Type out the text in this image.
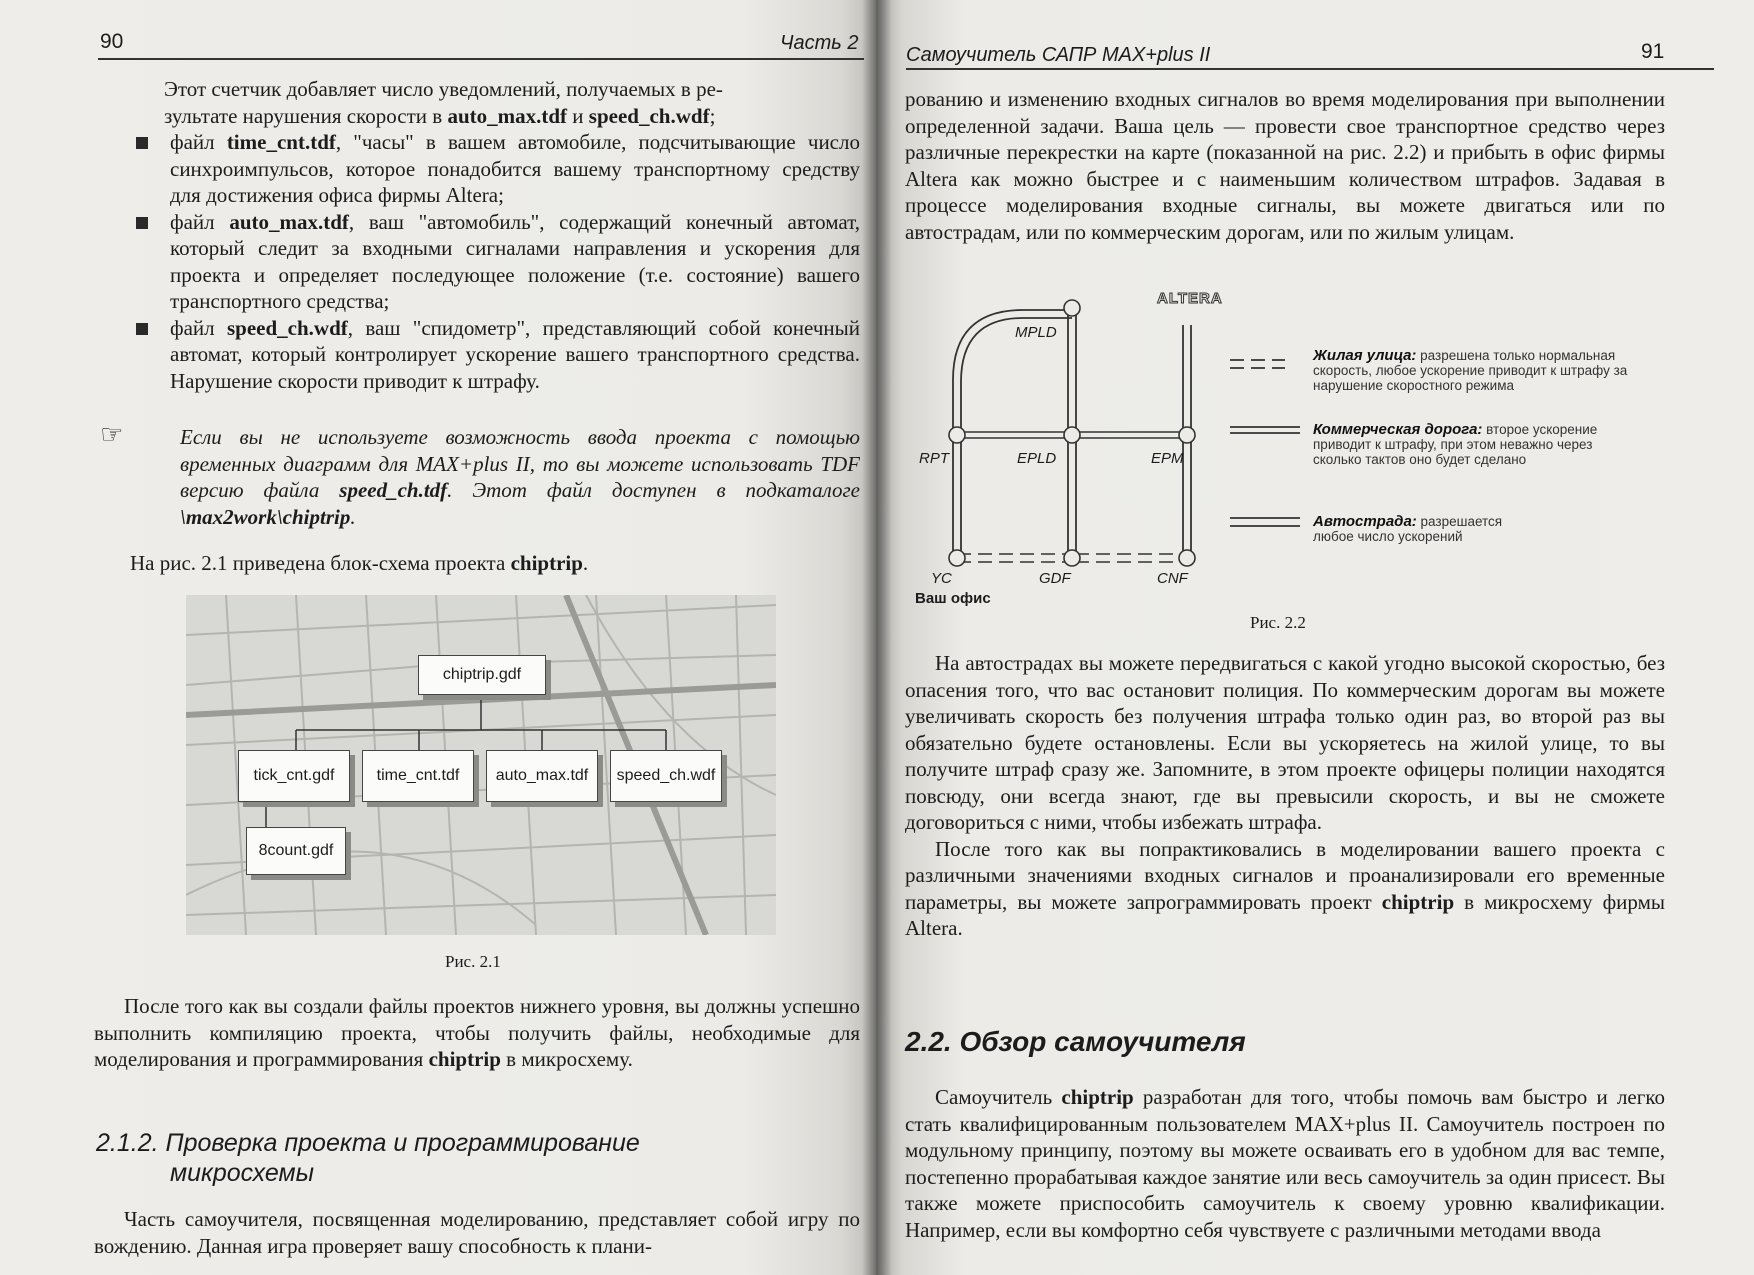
90	Часть 2

Этот счетчик добавляет число уведомлений, получаемых в ре-
зультате нарушения скорости в auto_max.tdf и speed_ch.wdf;

файл time_cnt.tdf, "часы" в вашем автомобиле, подсчитывающие число синхроимпульсов, которое понадобится вашему транспортному средству для достижения офиса фирмы Altera;

файл auto_max.tdf, ваш "автомобиль", содержащий конечный автомат, который следит за входными сигналами направления и ускорения для проекта и определяет последующее положение (т.е. состояние) вашего транспортного средства;

файл speed_ch.wdf, ваш "спидометр", представляющий собой конечный автомат, который контролирует ускорение вашего транспортного средства. Нарушение скорости приводит к штрафу.

☞	Если вы не используете возможность ввода проекта с помощью временных диаграмм для MAX+plus II, то вы можете использовать TDF версию файла speed_ch.tdf. Этот файл доступен в подкаталоге \max2work\chiptrip.

На рис. 2.1 приведена блок-схема проекта chiptrip.

chiptrip.gdf
tick_cnt.gdf	time_cnt.tdf	auto_max.tdf	speed_ch.wdf
8count.gdf
Рис. 2.1

После того как вы создали файлы проектов нижнего уровня, вы должны успешно выполнить компиляцию проекта, чтобы получить файлы, необходимые для моделирования и программирования chiptrip в микросхему.

2.1.2. Проверка проекта и программирование
микросхемы

Часть самоучителя, посвященная моделированию, представляет собой игру по вождению. Данная игра проверяет вашу способность к плани-

Самоучитель САПР MAX+plus II	91

рованию и изменению входных сигналов во время моделирования при выполнении определенной задачи. Ваша цель — провести свое транспортное средство через различные перекрестки на карте (показанной на рис. 2.2) и прибыть в офис фирмы Altera как можно быстрее и с наименьшим количеством штрафов. Задавая в процессе моделирования входные сигналы, вы можете двигаться или по автострадам, или по коммерческим дорогам, или по жилым улицам.

ALTERA
MPLD
RPT	EPLD	EPM
YC	GDF	CNF
Ваш офис
Жилая улица: разрешена только нормальная скорость, любое ускорение приводит к штрафу за нарушение скоростного режима
Коммерческая дорога: второе ускорение приводит к штрафу, при этом неважно через сколько тактов оно будет сделано
Автострада: разрешается любое число ускорений
Рис. 2.2

На автострадах вы можете передвигаться с какой угодно высокой скоростью, без опасения того, что вас остановит полиция. По коммерческим дорогам вы можете увеличивать скорость без получения штрафа только один раз, во второй раз вы обязательно будете остановлены. Если вы ускоряетесь на жилой улице, то вы получите штраф сразу же. Запомните, в этом проекте офицеры полиции находятся повсюду, они всегда знают, где вы превысили скорость, и вы не сможете договориться с ними, чтобы избежать штрафа.

После того как вы попрактиковались в моделировании вашего проекта с различными значениями входных сигналов и проанализировали его временные параметры, вы можете запрограммировать проект chiptrip в микросхему фирмы Altera.

2.2. Обзор самоучителя

Самоучитель chiptrip разработан для того, чтобы помочь вам быстро и легко стать квалифицированным пользователем MAX+plus II. Самоучитель построен по модульному принципу, поэтому вы можете осваивать его в удобном для вас темпе, постепенно прорабатывая каждое занятие или весь самоучитель за один присест. Вы также можете приспособить самоучитель к своему уровню квалификации. Например, если вы комфортно себя чувствуете с различными методами ввода
